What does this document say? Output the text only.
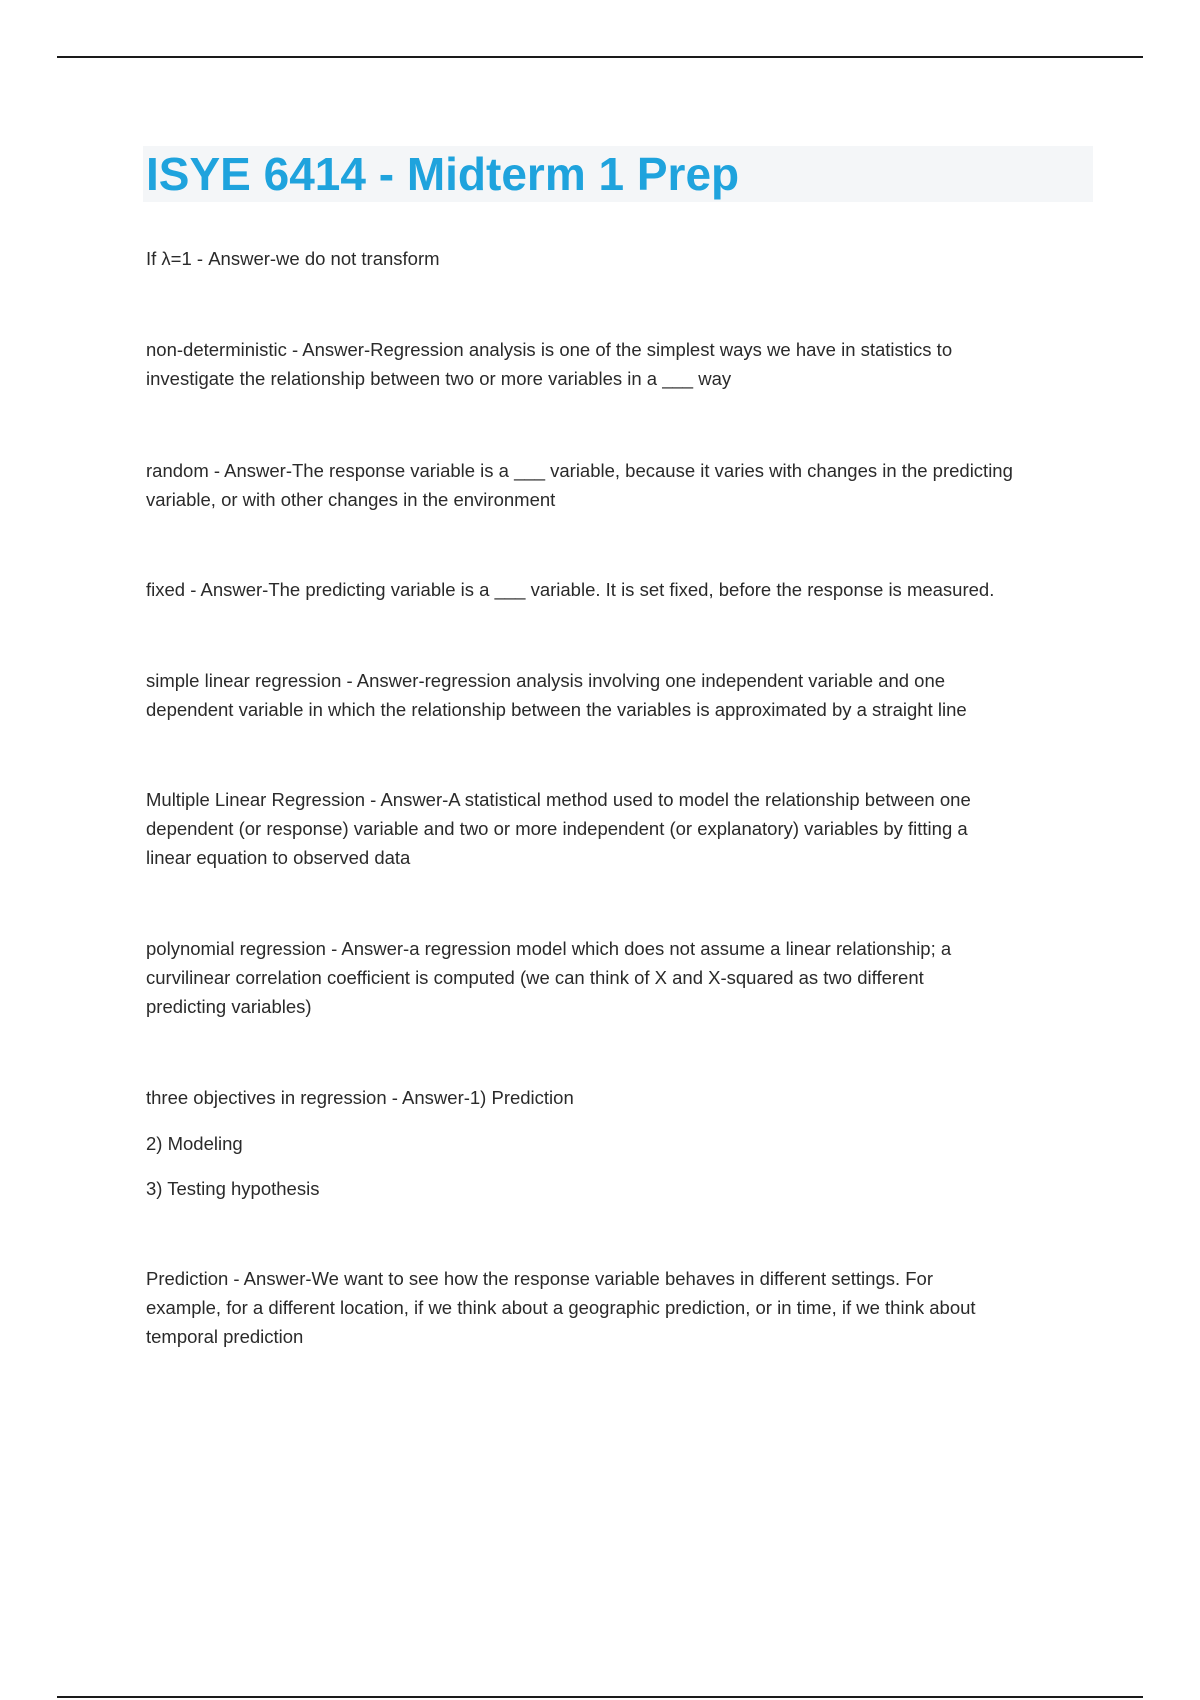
ISYE 6414 - Midterm 1 Prep
If λ=1 - Answer-we do not transform
non-deterministic - Answer-Regression analysis is one of the simplest ways we have in statistics to
investigate the relationship between two or more variables in a ___ way
random - Answer-The response variable is a ___ variable, because it varies with changes in the predicting
variable, or with other changes in the environment
fixed - Answer-The predicting variable is a ___ variable. It is set fixed, before the response is measured.
simple linear regression - Answer-regression analysis involving one independent variable and one
dependent variable in which the relationship between the variables is approximated by a straight line
Multiple Linear Regression - Answer-A statistical method used to model the relationship between one
dependent (or response) variable and two or more independent (or explanatory) variables by fitting a
linear equation to observed data
polynomial regression - Answer-a regression model which does not assume a linear relationship; a
curvilinear correlation coefficient is computed (we can think of X and X-squared as two different
predicting variables)
three objectives in regression - Answer-1) Prediction
2) Modeling
3) Testing hypothesis
Prediction - Answer-We want to see how the response variable behaves in different settings. For
example, for a different location, if we think about a geographic prediction, or in time, if we think about
temporal prediction
